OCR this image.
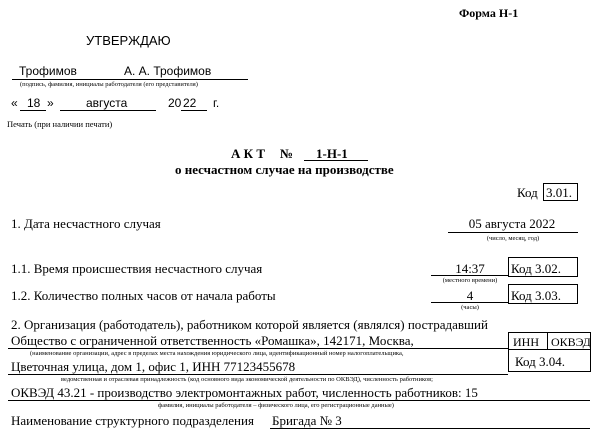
Форма Н-1
УТВЕРЖДАЮ
Трофимов	А. А. Трофимов
(подпись, фамилия, инициалы работодателя (его представителя)
« 18 »	августа	20 22 г.
Печать (при наличии печати)
А К Т № 1-Н-1
о несчастном случае на производстве
Код 3.01.
1. Дата несчастного случая	05 августа 2022
(число, месяц, год)
1.1. Время происшествия несчастного случая	14:37
(местного времени)
Код 3.02.
1.2. Количество полных часов от начала работы	4
(часы)
Код 3.03.
2. Организация (работодатель), работником которой является (являлся) пострадавший
Общество с ограниченной ответственность «Ромашка», 142171, Москва,
(наименование организации, адрес в пределах места нахождения юридического лица, идентификационный номер налогоплательщика,
ИНН ОКВЭД
Код 3.04.
Цветочная улица, дом 1, офис 1, ИНН 77123455678
ведомственная и отраслевая принадлежность (код основного вида экономической деятельности по ОКВЭД), численность работников;
ОКВЭД 43.21 - производство электромонтажных работ, численность работников: 15
фамилия, инициалы работодателя – физического лица, его регистрационные данные)
Наименование структурного подразделения Бригада № 3
